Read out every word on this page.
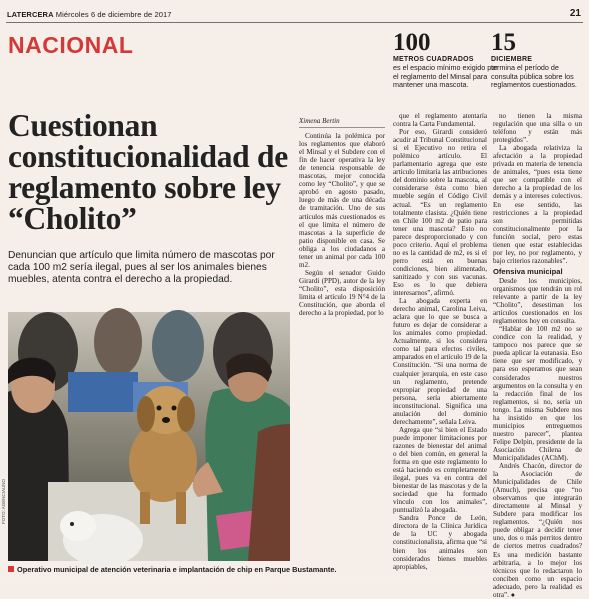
LATERCERA Miércoles 6 de diciembre de 2017	21
NACIONAL	100
METROS CUADRADOS
es el espacio mínimo exigido por el reglamento del Minsal para mantener una mascota.
15
DICIEMBRE
termina el período de consulta pública sobre los reglamentos cuestionados.
Cuestionan constitucionalidad de reglamento sobre ley “Cholito”
Denuncian que artículo que limita número de mascotas por cada 100 m2 sería ilegal, pues al ser los animales bienes muebles, atenta contra el derecho a la propiedad.
Ximena Bertin

Continúa la polémica por los reglamentos que elaboró el Minsal y el Subdere con el fin de hacer operativa la ley de tenencia responsable de mascotas, mejor conocida como ley “Cholito”, y que se aprobó en agosto pasado, luego de más de una década de tramitación. Uno de sus artículos más cuestionados es el que limita el número de mascotas a la superficie de patio disponible en casa. Se obliga a los ciudadanos a tener un animal por cada 100 m2.

Según el senador Guido Girardi (PPD), autor de la ley “Cholito”, esta disposición limita el artículo 19 N°4 de la Constitución, que aborda el derecho a la propiedad, por lo

que el reglamento atentaría contra la Carta Fundamental.

Por eso, Girardi consideró acudir al Tribunal Constitucional si el Ejecutivo no retira el polémico artículo. El parlamentario agrega que este artículo limitaría las atribuciones del dominio sobre la mascota, al considerarse ésta como bien mueble según el Código Civil actual. “Es un reglamento totalmente clasista. ¿Quién tiene en Chile 100 m2 de patio para tener una mascota? Esto no parece desproporcionado y con poco criterio. Aquí el problema no es la cantidad de m2, es si el perro está en buenas condiciones, bien alimentado, sanitizado y con sus vacunas. Eso es lo que debiera interesarnos”, afirmó.

La abogada experta en derecho animal, Carolina Leiva, aclara que lo que se busca a futuro es dejar de considerar a los animales como propiedad. Actualmente, si los considera como tal para efectos civiles, amparados en el artículo 19 de la Constitución. “Si una norma de cualquier jerarquía, en este caso un reglamento, pretende expropiar propiedad de una persona, sería abiertamente inconstitucional. Significa una anulación del dominio derechamente”, señala Leiva.

Agrega que “si bien el Estado puede imponer limitaciones por razones de bienestar del animal o del bien común, en general la forma en que este reglamento lo está haciendo es completamente ilegal, pues va en contra del bienestar de las mascotas y de la sociedad que ha formado vínculo con los animales”, puntualizó la abogada.

Sandra Ponce de León, directora de la Clínica Jurídica de la UC y abogada constitucionalista, afirma que “si bien los animales son considerados bienes muebles apropiables,

no tienen la misma regulación que una silla o un teléfono y están más protegidos”.

La abogada relativiza la afectación a la propiedad privada en materia de tenencia de animales, “pues esta tiene que ser compatible con el derecho a la propiedad de los demás y a intereses colectivos. En ese sentido, las restricciones a la propiedad son permitidas constitucionalmente por la función social, pero estas tienen que estar establecidas por ley, no por reglamento, y bajo criterios razonables”.

Ofensiva municipal

Desde los municipios, organismos que tendrán un rol relevante a partir de la ley “Cholito”, desestiman los artículos cuestionados en los reglamentos hoy en consulta.

“Hablar de 100 m2 no se condice con la realidad, y tampoco nos parece que se pueda aplicar la eutanasia. Eso tiene que ser modificado, y para eso esperamos que sean considerados nuestros argumentos en la consulta y en la redacción final de los reglamentos, si no, sería un tongo. La misma Subdere nos ha insistido en que los municipios entreguemos nuestro parecer”, plantea Felipe Delpin, presidente de la Asociación Chilena de Municipalidades (AChM).

Andrés Chacón, director de la Asociación de Municipalidades de Chile (Amuch), precisa que “no observamos que integrarán directamente al Minsal y Subdere para modificar los reglamentos. “¿Quién nos puede obligar a decidir tener uno, dos o más perritos dentro de ciertos metros cuadrados? Es una medición bastante arbitraria, a lo mejor los técnicos que lo redactaron lo conciben como un espacio adecuado, pero la realidad es otra”. ●

FOTO: AGENCIAUNO
Operativo municipal de atención veterinaria e implantación de chip en Parque Bustamante.
